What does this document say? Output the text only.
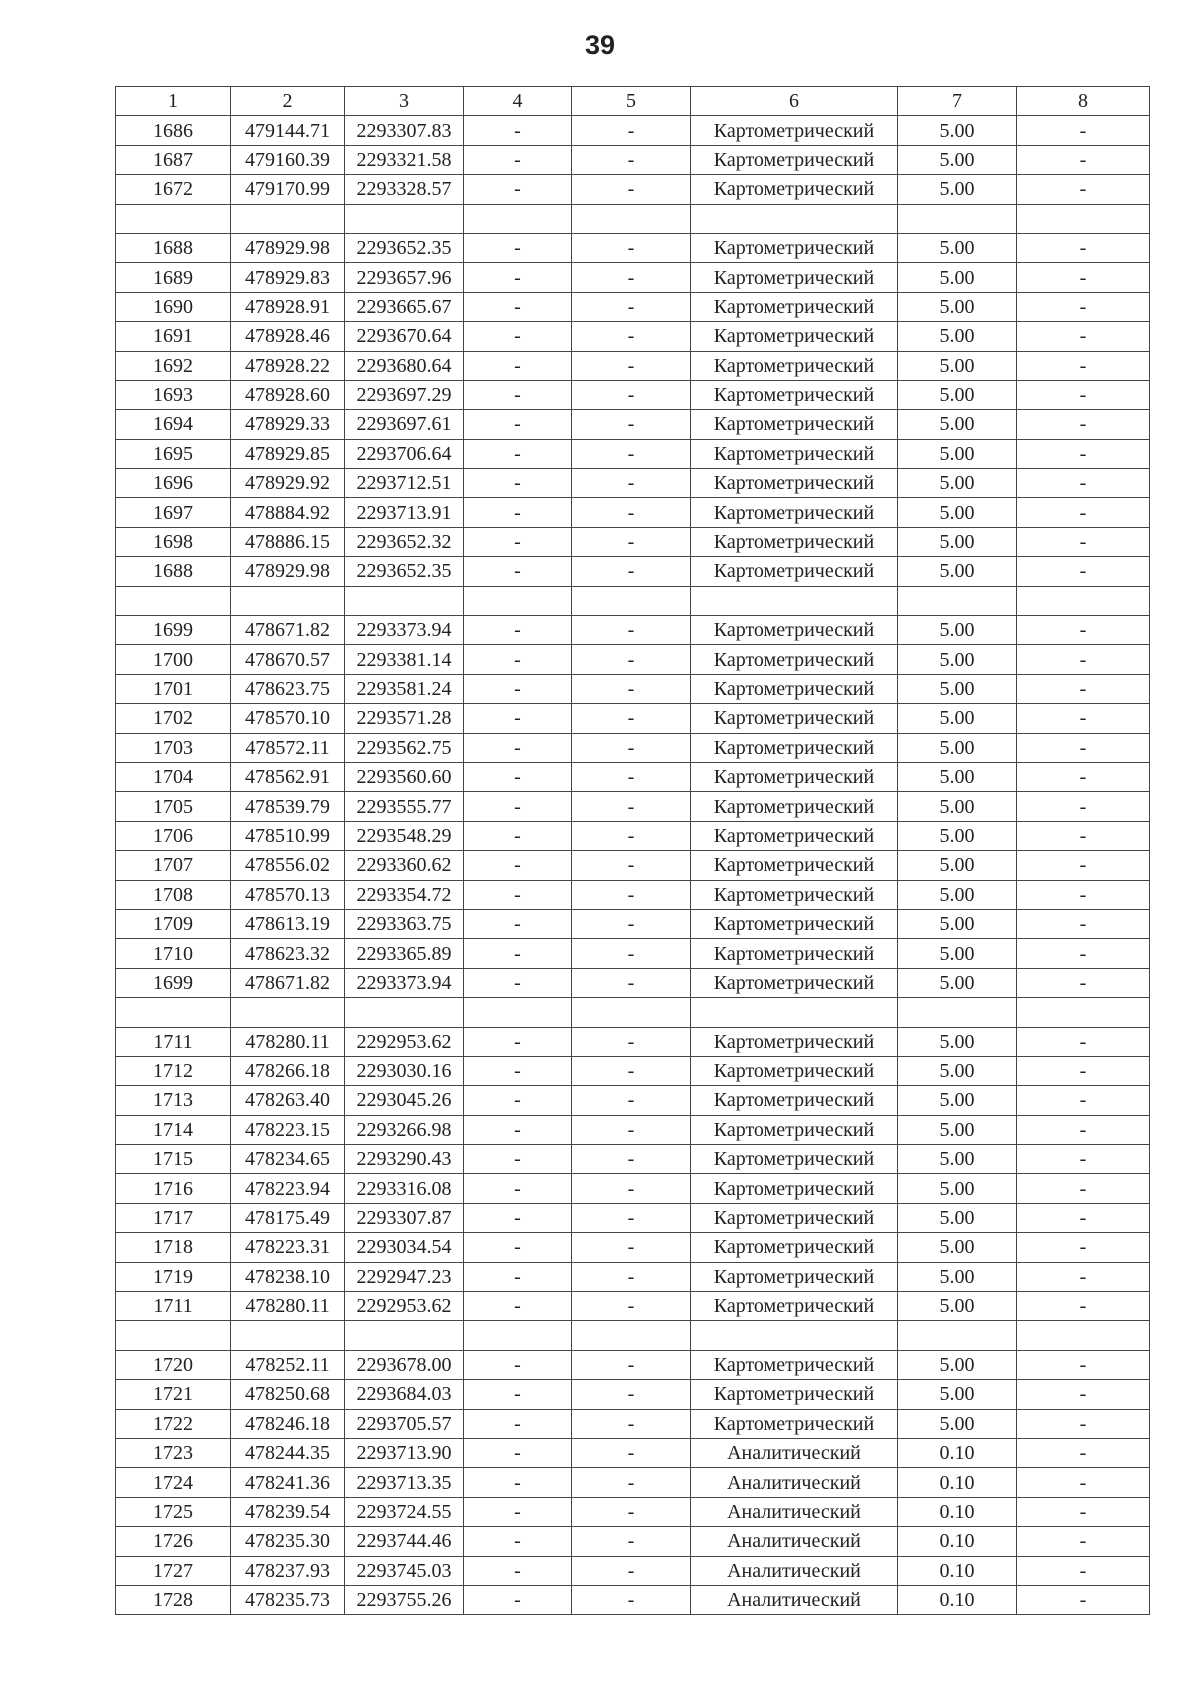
39
1	2	3	4	5	6	7	8
1686	479144.71	2293307.83	-	-	Картометрический	5.00	-
1687	479160.39	2293321.58	-	-	Картометрический	5.00	-
1672	479170.99	2293328.57	-	-	Картометрический	5.00	-

1688	478929.98	2293652.35	-	-	Картометрический	5.00	-
1689	478929.83	2293657.96	-	-	Картометрический	5.00	-
1690	478928.91	2293665.67	-	-	Картометрический	5.00	-
1691	478928.46	2293670.64	-	-	Картометрический	5.00	-
1692	478928.22	2293680.64	-	-	Картометрический	5.00	-
1693	478928.60	2293697.29	-	-	Картометрический	5.00	-
1694	478929.33	2293697.61	-	-	Картометрический	5.00	-
1695	478929.85	2293706.64	-	-	Картометрический	5.00	-
1696	478929.92	2293712.51	-	-	Картометрический	5.00	-
1697	478884.92	2293713.91	-	-	Картометрический	5.00	-
1698	478886.15	2293652.32	-	-	Картометрический	5.00	-
1688	478929.98	2293652.35	-	-	Картометрический	5.00	-

1699	478671.82	2293373.94	-	-	Картометрический	5.00	-
1700	478670.57	2293381.14	-	-	Картометрический	5.00	-
1701	478623.75	2293581.24	-	-	Картометрический	5.00	-
1702	478570.10	2293571.28	-	-	Картометрический	5.00	-
1703	478572.11	2293562.75	-	-	Картометрический	5.00	-
1704	478562.91	2293560.60	-	-	Картометрический	5.00	-
1705	478539.79	2293555.77	-	-	Картометрический	5.00	-
1706	478510.99	2293548.29	-	-	Картометрический	5.00	-
1707	478556.02	2293360.62	-	-	Картометрический	5.00	-
1708	478570.13	2293354.72	-	-	Картометрический	5.00	-
1709	478613.19	2293363.75	-	-	Картометрический	5.00	-
1710	478623.32	2293365.89	-	-	Картометрический	5.00	-
1699	478671.82	2293373.94	-	-	Картометрический	5.00	-

1711	478280.11	2292953.62	-	-	Картометрический	5.00	-
1712	478266.18	2293030.16	-	-	Картометрический	5.00	-
1713	478263.40	2293045.26	-	-	Картометрический	5.00	-
1714	478223.15	2293266.98	-	-	Картометрический	5.00	-
1715	478234.65	2293290.43	-	-	Картометрический	5.00	-
1716	478223.94	2293316.08	-	-	Картометрический	5.00	-
1717	478175.49	2293307.87	-	-	Картометрический	5.00	-
1718	478223.31	2293034.54	-	-	Картометрический	5.00	-
1719	478238.10	2292947.23	-	-	Картометрический	5.00	-
1711	478280.11	2292953.62	-	-	Картометрический	5.00	-

1720	478252.11	2293678.00	-	-	Картометрический	5.00	-
1721	478250.68	2293684.03	-	-	Картометрический	5.00	-
1722	478246.18	2293705.57	-	-	Картометрический	5.00	-
1723	478244.35	2293713.90	-	-	Аналитический	0.10	-
1724	478241.36	2293713.35	-	-	Аналитический	0.10	-
1725	478239.54	2293724.55	-	-	Аналитический	0.10	-
1726	478235.30	2293744.46	-	-	Аналитический	0.10	-
1727	478237.93	2293745.03	-	-	Аналитический	0.10	-
1728	478235.73	2293755.26	-	-	Аналитический	0.10	-
